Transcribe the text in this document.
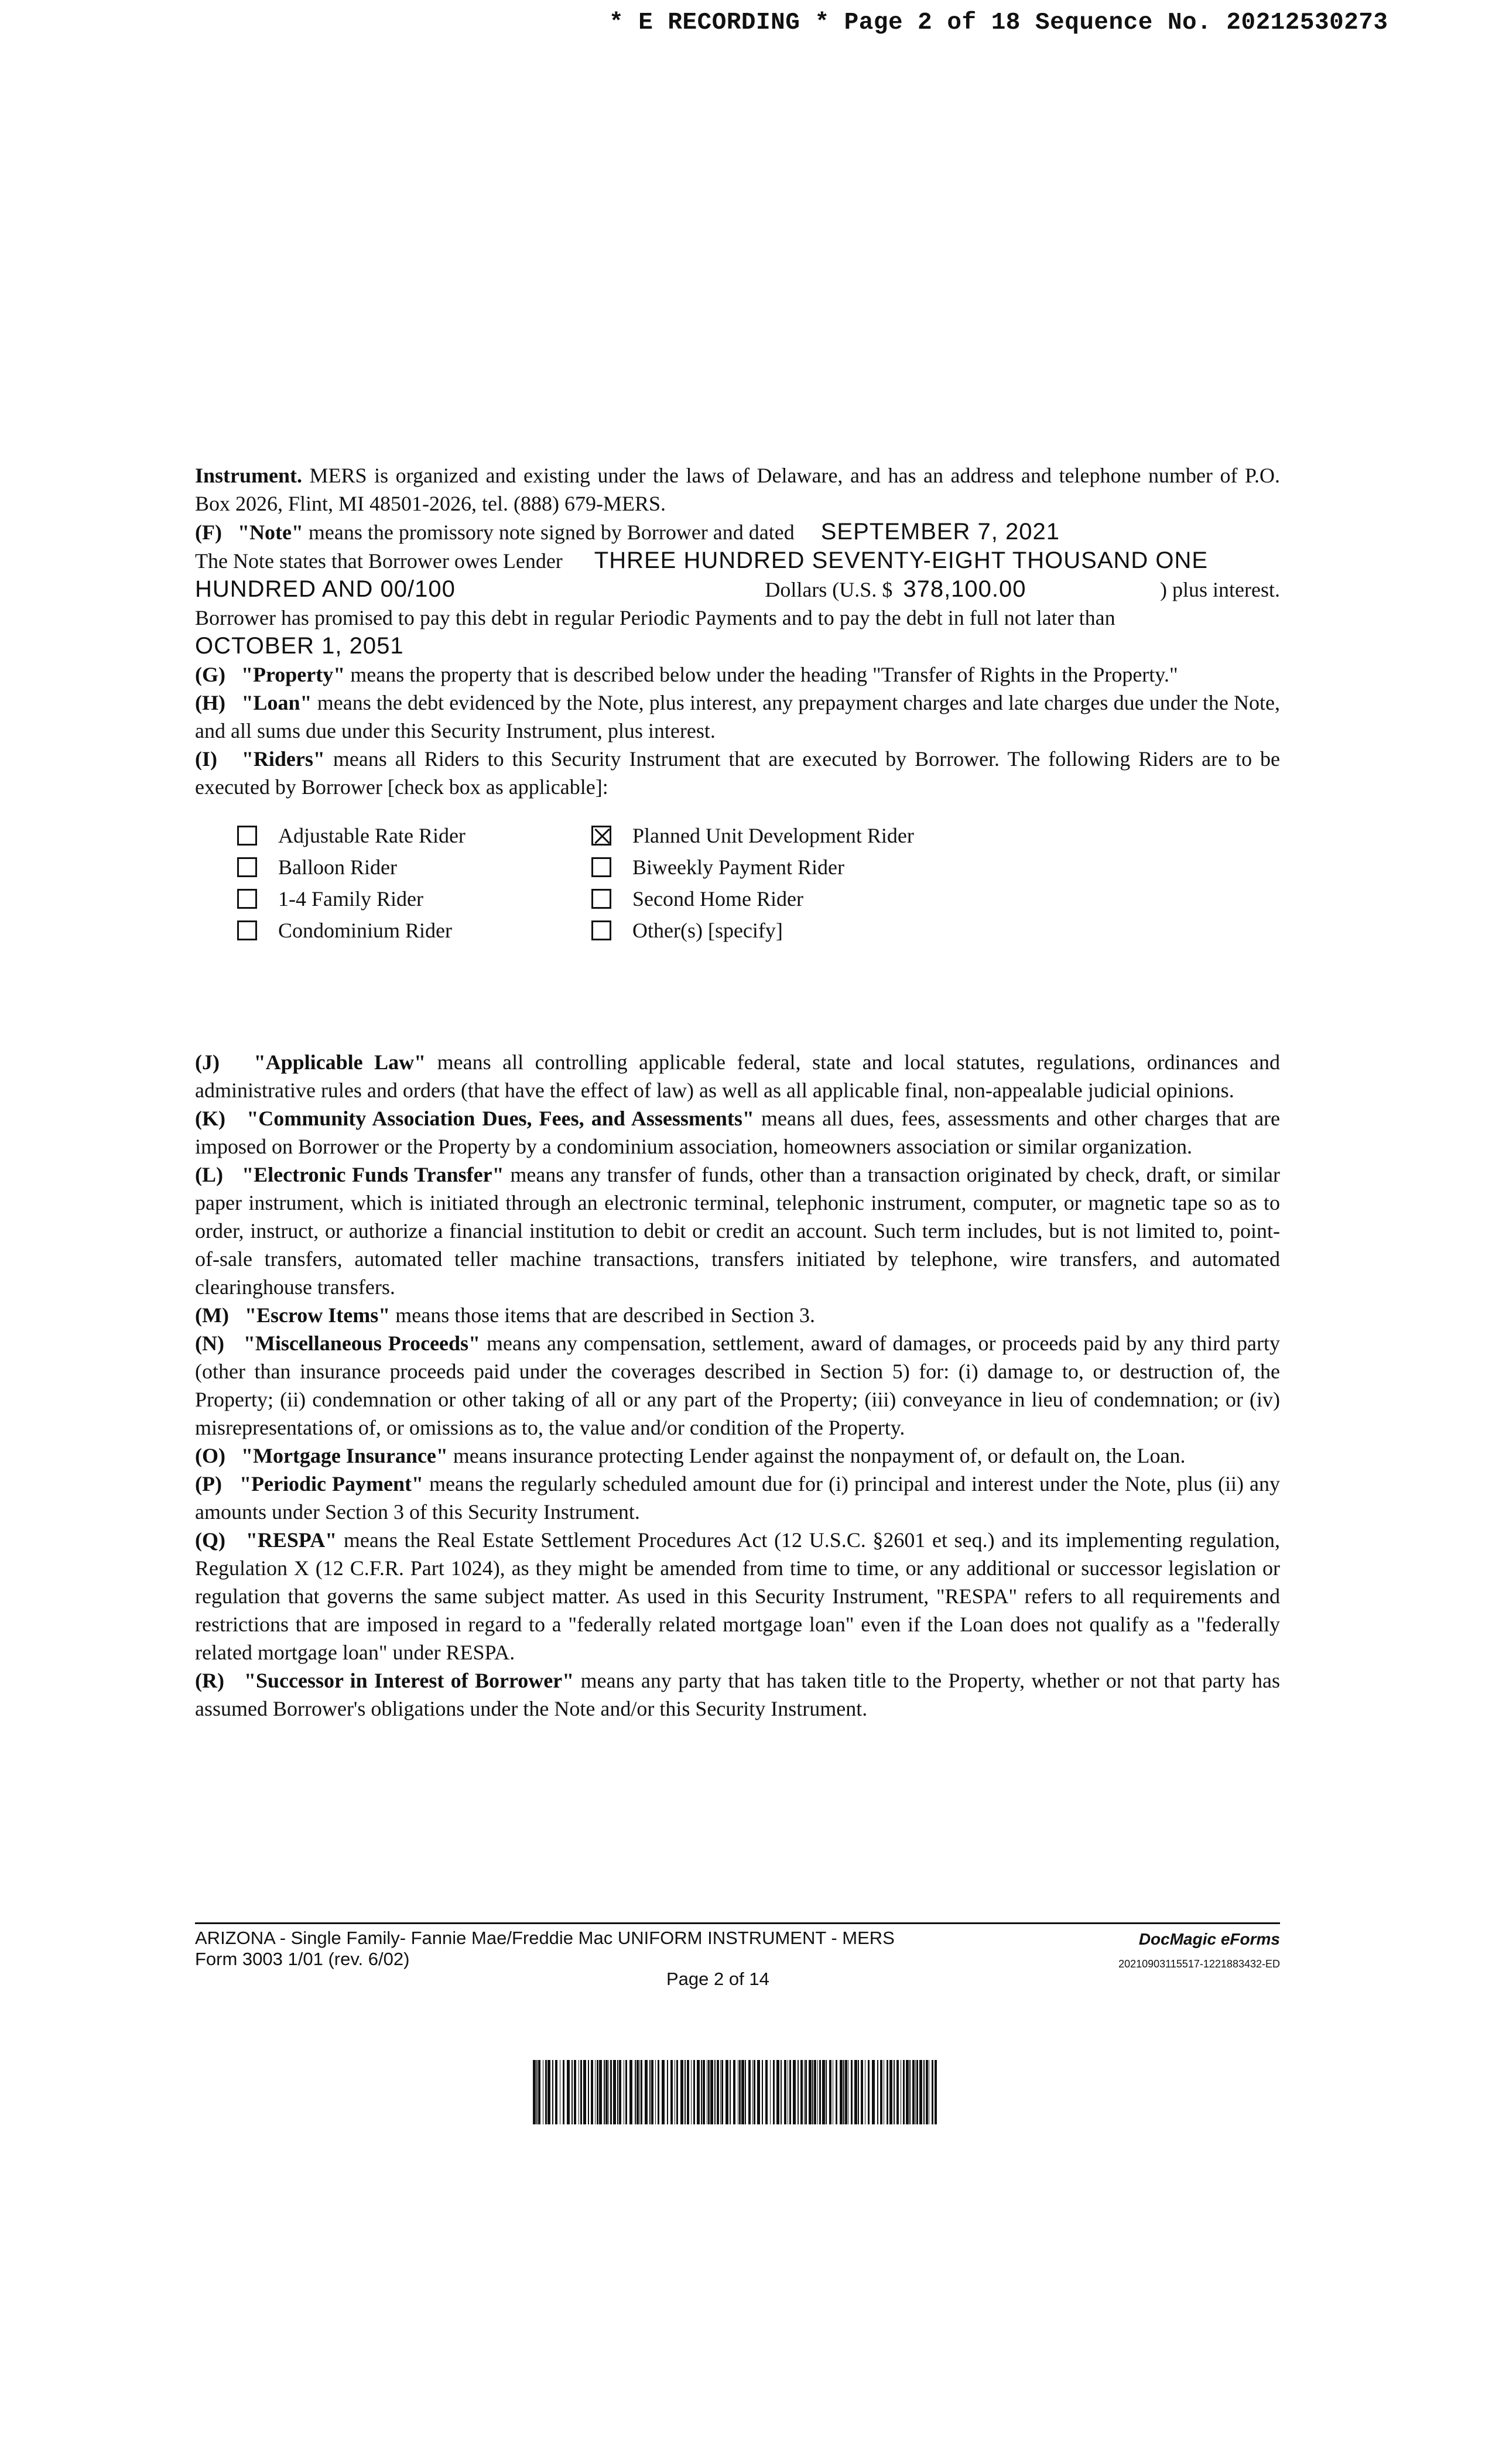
* E RECORDING * Page 2 of 18 Sequence No. 20212530273

Instrument. MERS is organized and existing under the laws of Delaware, and has an address and telephone number of P.O. Box 2026, Flint, MI 48501-2026, tel. (888) 679-MERS.

(F) "Note" means the promissory note signed by Borrower and dated SEPTEMBER 7, 2021

The Note states that Borrower owes Lender THREE HUNDRED SEVENTY-EIGHT THOUSAND ONE

HUNDRED AND 00/100	Dollars (U.S. $ 378,100.00	) plus interest.

Borrower has promised to pay this debt in regular Periodic Payments and to pay the debt in full not later than

OCTOBER 1, 2051

(G) "Property" means the property that is described below under the heading "Transfer of Rights in the Property."

(H) "Loan" means the debt evidenced by the Note, plus interest, any prepayment charges and late charges due under the Note, and all sums due under this Security Instrument, plus interest.

(I) "Riders" means all Riders to this Security Instrument that are executed by Borrower. The following Riders are to be executed by Borrower [check box as applicable]:

Adjustable Rate Rider
Balloon Rider
1-4 Family Rider
Condominium Rider
Planned Unit Development Rider
Biweekly Payment Rider
Second Home Rider
Other(s) [specify]

(J) "Applicable Law" means all controlling applicable federal, state and local statutes, regulations, ordinances and administrative rules and orders (that have the effect of law) as well as all applicable final, non-appealable judicial opinions.

(K) "Community Association Dues, Fees, and Assessments" means all dues, fees, assessments and other charges that are imposed on Borrower or the Property by a condominium association, homeowners association or similar organization.

(L) "Electronic Funds Transfer" means any transfer of funds, other than a transaction originated by check, draft, or similar paper instrument, which is initiated through an electronic terminal, telephonic instrument, computer, or magnetic tape so as to order, instruct, or authorize a financial institution to debit or credit an account. Such term includes, but is not limited to, point-of-sale transfers, automated teller machine transactions, transfers initiated by telephone, wire transfers, and automated clearinghouse transfers.

(M) "Escrow Items" means those items that are described in Section 3.

(N) "Miscellaneous Proceeds" means any compensation, settlement, award of damages, or proceeds paid by any third party (other than insurance proceeds paid under the coverages described in Section 5) for: (i) damage to, or destruction of, the Property; (ii) condemnation or other taking of all or any part of the Property; (iii) conveyance in lieu of condemnation; or (iv) misrepresentations of, or omissions as to, the value and/or condition of the Property.

(O) "Mortgage Insurance" means insurance protecting Lender against the nonpayment of, or default on, the Loan.

(P) "Periodic Payment" means the regularly scheduled amount due for (i) principal and interest under the Note, plus (ii) any amounts under Section 3 of this Security Instrument.

(Q) "RESPA" means the Real Estate Settlement Procedures Act (12 U.S.C. §2601 et seq.) and its implementing regulation, Regulation X (12 C.F.R. Part 1024), as they might be amended from time to time, or any additional or successor legislation or regulation that governs the same subject matter. As used in this Security Instrument, "RESPA" refers to all requirements and restrictions that are imposed in regard to a "federally related mortgage loan" even if the Loan does not qualify as a "federally related mortgage loan" under RESPA.

(R) "Successor in Interest of Borrower" means any party that has taken title to the Property, whether or not that party has assumed Borrower's obligations under the Note and/or this Security Instrument.

ARIZONA - Single Family- Fannie Mae/Freddie Mac UNIFORM INSTRUMENT - MERS
Form 3003 1/01 (rev. 6/02)
DocMagic eForms
20210903115517-1221883432-ED
Page 2 of 14
